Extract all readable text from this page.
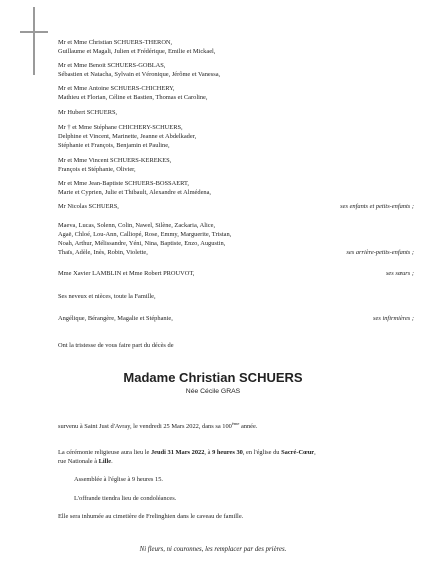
Mr et Mme Christian SCHUERS-THERON,
Guillaume et Magali, Julien et Frédérique, Emilie et Mickael,
Mr et Mme Benoit SCHUERS-GOBLAS,
Sébastien et Natacha, Sylvain et Véronique, Jérôme et Vanessa,
Mr et Mme Antoine SCHUERS-CHICHERY,
Mathieu et Florian, Céline et Bastien, Thomas et Caroline,
Mr Hubert SCHUERS,
Mr † et Mme Stéphane CHICHERY-SCHUERS,
Delphine et Vincent, Marinette, Jeanne et Abdelkader,
Stéphanie et François, Benjamin et Pauline,
Mr et Mme Vincent SCHUERS-KEREKES,
François et Stéphanie, Olivier,
Mr et Mme Jean-Baptiste SCHUERS-BOSSAERT,
Marie et Cyprien, Julie et Thibault, Alexandre et Almédena,
Mr Nicolas SCHUERS,	ses enfants et petits-enfants ;
Maeva, Lucas, Solenn, Colin, Nawel, Silène, Zackaria, Alice,
Agaë, Chloé, Lou-Ann, Calliopé, Rose, Emmy, Marguerite, Tristan,
Noah, Arthur, Mélissandre, Yéni, Nina, Baptiste, Enzo, Augustin,
Thaïs, Adèle, Inès, Robin, Violette,	ses arrière-petits-enfants ;
Mme Xavier LAMBLIN et Mme Robert PROUVOT,	ses sœurs ;
Ses neveux et nièces, toute la Famille,
Angélique, Bérangère, Magalie et Stéphanie,	ses infirmières ;
Ont la tristesse de vous faire part du décès de
Madame Christian SCHUERS
Née Cécile GRAS
survenu à Saint Just d'Avray, le vendredi 25 Mars 2022, dans sa 100ème année.
La cérémonie religieuse aura lieu le Jeudi 31 Mars 2022, à 9 heures 30, en l'église du Sacré-Cœur,
rue Nationale à Lille.
Assemblée à l'église à 9 heures 15.
L'offrande tiendra lieu de condoléances.
Elle sera inhumée au cimetière de Frelinghien dans le caveau de famille.
Ni fleurs, ni couronnes, les remplacer par des prières.
